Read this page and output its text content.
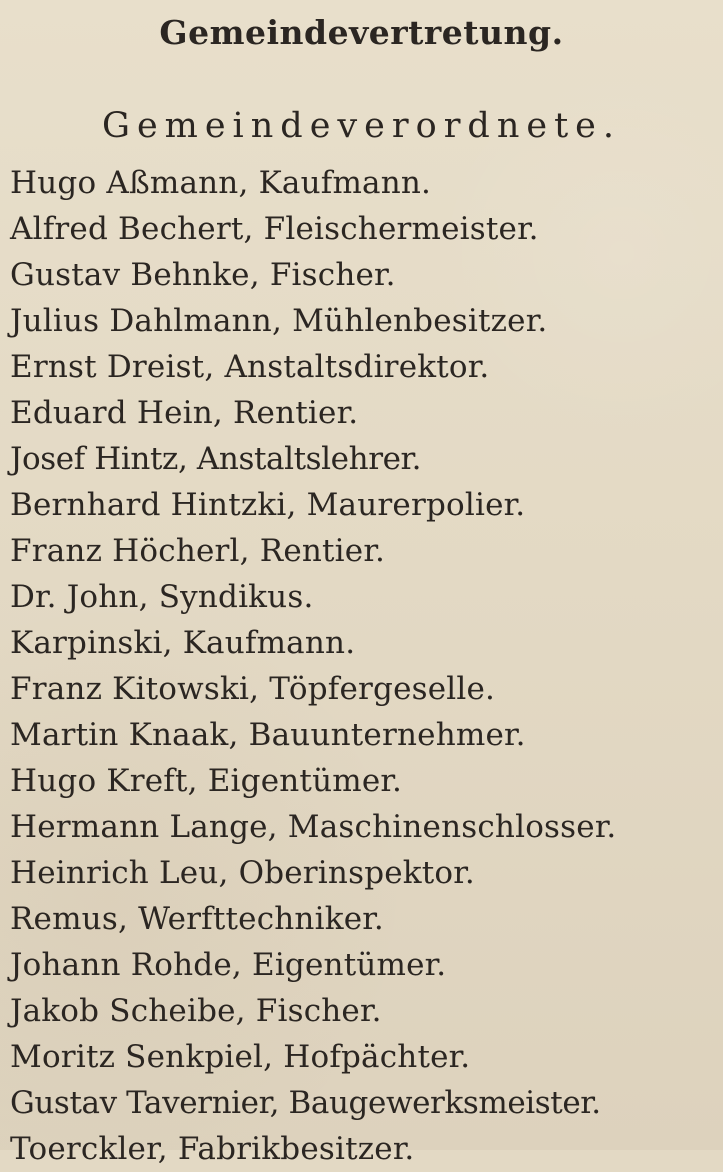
Gemeindevertretung.
Gemeindeverordnete.
Hugo Aßmann, Kaufmann.
Alfred Bechert, Fleischermeister.
Gustav Behnke, Fischer.
Julius Dahlmann, Mühlenbesitzer.
Ernst Dreist, Anstaltsdirektor.
Eduard Hein, Rentier.
Josef Hintz, Anstaltslehrer.
Bernhard Hintzki, Maurerpolier.
Franz Höcherl, Rentier.
Dr. John, Syndikus.
Karpinski, Kaufmann.
Franz Kitowski, Töpfergeselle.
Martin Knaak, Bauunternehmer.
Hugo Kreft, Eigentümer.
Hermann Lange, Maschinenschlosser.
Heinrich Leu, Oberinspektor.
Remus, Werfttechniker.
Johann Rohde, Eigentümer.
Jakob Scheibe, Fischer.
Moritz Senkpiel, Hofpächter.
Gustav Tavernier, Baugewerksmeister.
Toerckler, Fabrikbesitzer.
